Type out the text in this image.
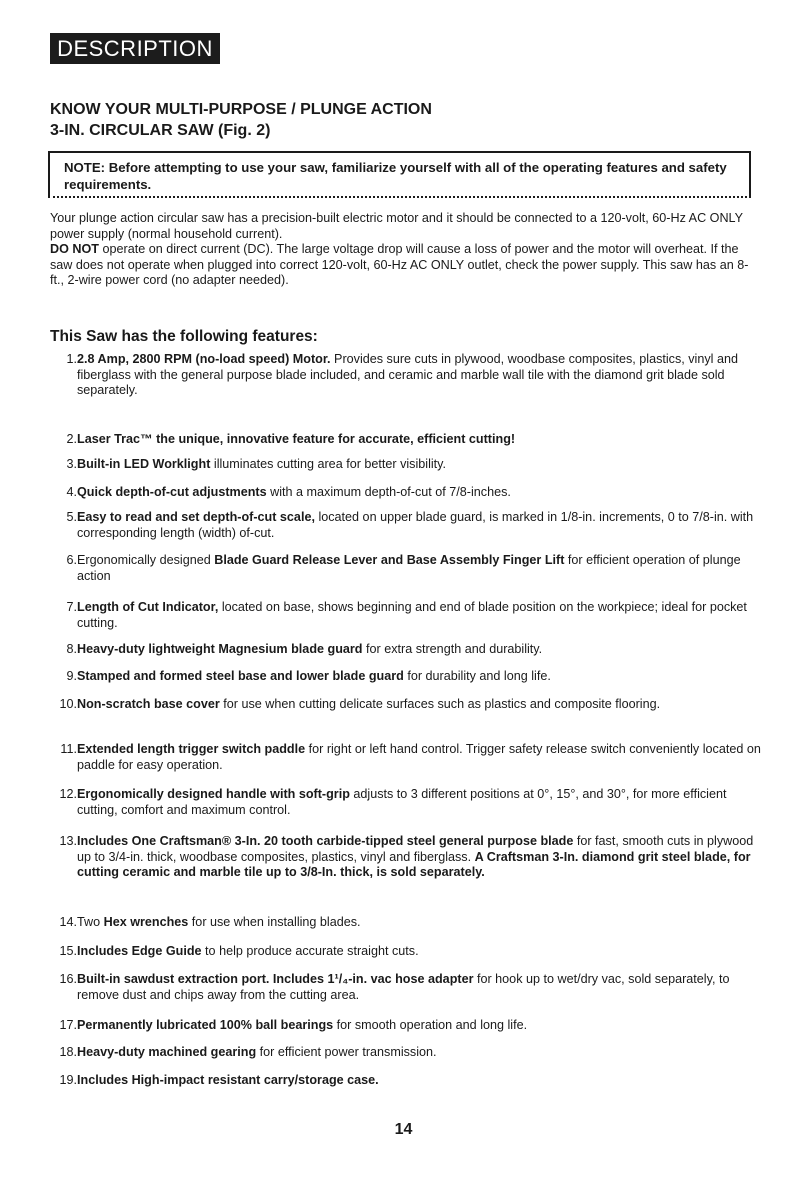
DESCRIPTION
KNOW YOUR MULTI-PURPOSE / PLUNGE ACTION
3-IN. CIRCULAR SAW (Fig. 2)
NOTE: Before attempting to use your saw, familiarize yourself with all of the operating features and safety requirements.
Your plunge action circular saw has a precision-built electric motor and it should be connected to a 120-volt, 60-Hz AC ONLY power supply (normal household current).
DO NOT operate on direct current (DC). The large voltage drop will cause a loss of power and the motor will overheat. If the saw does not operate when plugged into correct 120-volt, 60-Hz AC ONLY outlet, check the power supply. This saw has an 8-ft., 2-wire power cord (no adapter needed).
This Saw has the following features:
1. 2.8 Amp, 2800 RPM (no-load speed) Motor. Provides sure cuts in plywood, woodbase composites, plastics, vinyl and fiberglass with the general purpose blade included, and ceramic and marble wall tile with the diamond grit blade sold separately.
2. Laser Trac™ the unique, innovative feature for accurate, efficient cutting!
3. Built-in LED Worklight illuminates cutting area for better visibility.
4. Quick depth-of-cut adjustments with a maximum depth-of-cut of 7/8-inches.
5. Easy to read and set depth-of-cut scale, located on upper blade guard, is marked in 1/8-in. increments, 0 to 7/8-in. with corresponding length (width) of-cut.
6. Ergonomically designed Blade Guard Release Lever and Base Assembly Finger Lift for efficient operation of plunge action
7. Length of Cut Indicator, located on base, shows beginning and end of blade position on the workpiece; ideal for pocket cutting.
8. Heavy-duty lightweight Magnesium blade guard for extra strength and durability.
9. Stamped and formed steel base and lower blade guard for durability and long life.
10. Non-scratch base cover for use when cutting delicate surfaces such as plastics and composite flooring.
11. Extended length trigger switch paddle for right or left hand control. Trigger safety release switch conveniently located on paddle for easy operation.
12. Ergonomically designed handle with soft-grip adjusts to 3 different positions at 0°, 15°, and 30°, for more efficient cutting, comfort and maximum control.
13. Includes One Craftsman® 3-In. 20 tooth carbide-tipped steel general purpose blade for fast, smooth cuts in plywood up to 3/4-in. thick, woodbase composites, plastics, vinyl and fiberglass. A Craftsman 3-In. diamond grit steel blade, for cutting ceramic and marble tile up to 3/8-In. thick, is sold separately.
14. Two Hex wrenches for use when installing blades.
15. Includes Edge Guide to help produce accurate straight cuts.
16. Built-in sawdust extraction port. Includes 1¹/₄-in. vac hose adapter for hook up to wet/dry vac, sold separately, to remove dust and chips away from the cutting area.
17. Permanently lubricated 100% ball bearings for smooth operation and long life.
18. Heavy-duty machined gearing for efficient power transmission.
19. Includes High-impact resistant carry/storage case.
14
